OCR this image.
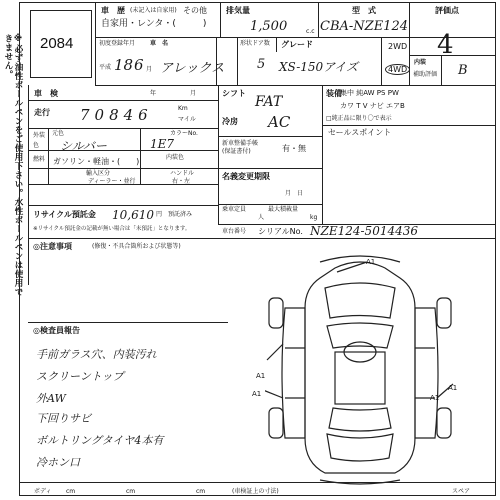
※必ず油性ボールペンをご使用下さい。水性ボールペンは使用できません。	2084
車　歴 (未記入は自家用) その他
自家用・レンタ・(　　　)
排気量
1,500	c.c
型　式
CBA-NZE124
評価点
4
初度登録年月 車　名
平成 18 6 月 アレックス
形状ドア数
5
グレード
XS-150アイズ
2WD
4WD
内装
補助評価 B
車　検	年	月
走行 70846	Km
マイル
シフト
FAT
装備
集中 純AW PS PW
カワ T V ナビ エアB
□純正品に限り〇で表示
外装
色
元色
シルバー
カラーNo.
1E7
冷房 AC
新車整備手帳
(保証書付)	有・無
セールスポイント
内装色
燃料 ガソリン・軽油・(　　)
輸入区分	ハンドル
ディーラー・並行	右・左
名義変更期限
月　日
リサイクル預託金 10,610 円 預託済み
※リサイクル預託金の記載が無い場合は「未預託」となります。
乗車定員
人
最大積載量
kg
車台番号 シリアルNo. NZE124-5014436
◎注意事項	(修復・不具合箇所および状態等)
◎検査員報告
手前ガラス穴、内装汚れ
スクリーントップ
外AW
下回りサビ
ボルトリングタイヤ4本有
冷ホン口
A1
A1
A1
A1
A1
ボディ cm	cm	cm	(車検証上の寸法)	スペア
